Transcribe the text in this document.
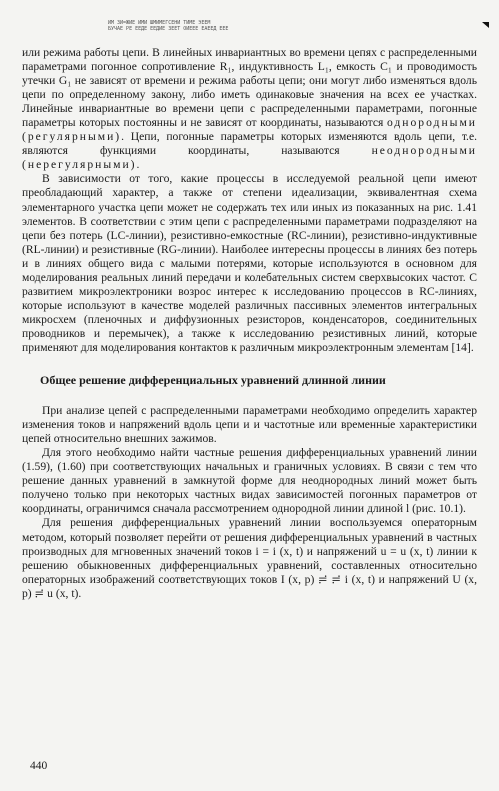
ИМ ЗИ=ЖИЕ ИМИ ШМИМЕГСЕНИ ТИМЕ ЭЕЕМ
БУЧАЕ РЕ ЕЕДЕ ЕЕДИЕ ЗЕЕТ ОИЕЕЕ ЕАЕЕД ЕЕЕ

или режима работы цепи. В линейных инвариантных во времени цепях с распределенными параметрами погонное сопротивление R₁, индуктивность L₁, емкость C₁ и проводимость утечки G₁ не зависят от времени и режима работы цепи; они могут либо изменяться вдоль цепи по определенному закону, либо иметь одинаковые значения на всех ее участках. Линейные инвариантные во времени цепи с распределенными параметрами, погонные параметры которых постоянны и не зависят от координаты, называются однородными (регулярными). Цепи, погонные параметры которых изменяются вдоль цепи, т.е. являются функциями координаты, называются неоднородными (нерегулярными).

В зависимости от того, какие процессы в исследуемой реальной цепи имеют преобладающий характер, а также от степени идеализации, эквивалентная схема элементарного участка цепи может не содержать тех или иных из показанных на рис. 1.41 элементов. В соответствии с этим цепи с распределенными параметрами подразделяют на цепи без потерь (LC-линии), резистивно-емкостные (RC-линии), резистивно-индуктивные (RL-линии) и резистивные (RG-линии). Наиболее интересны процессы в линиях без потерь и в линиях общего вида с малыми потерями, которые используются в основном для моделирования реальных линий передачи и колебательных систем сверхвысоких частот. С развитием микроэлектроники возрос интерес к исследованию процессов в RC-линиях, которые используют в качестве моделей различных пассивных элементов интегральных микросхем (пленочных и диффузионных резисторов, конденсаторов, соединительных проводников и перемычек), а также к исследованию резистивных линий, которые применяют для моделирования контактов к различным микроэлектронным элементам [14].

Общее решение дифференциальных уравнений длинной линии

При анализе цепей с распределенными параметрами необходимо определить характер изменения токов и напряжений вдоль цепи и и частотные или временны́е характеристики цепей относительно внешних зажимов.

Для этого необходимо найти частные решения дифференциальных уравнений линии (1.59), (1.60) при соответствующих начальных и граничных условиях. В связи с тем что решение данных уравнений в замкнутой форме для неоднородных линий может быть получено только при некоторых частных видах зависимостей погонных параметров от координаты, ограничимся сначала рассмотрением однородной линии длиной l (рис. 10.1).

Для решения дифференциальных уравнений линии воспользуемся операторным методом, который позволяет перейти от решения дифференциальных уравнений в частных производных для мгновенных значений токов i = i (x, t) и напряжений u = u (x, t) линии к решению обыкновенных дифференциальных уравнений, составленных относительно операторных изображений соответствующих токов I (x, p) ≓ ≓ i (x, t) и напряжений U (x, p) ≓ u (x, t).

440
